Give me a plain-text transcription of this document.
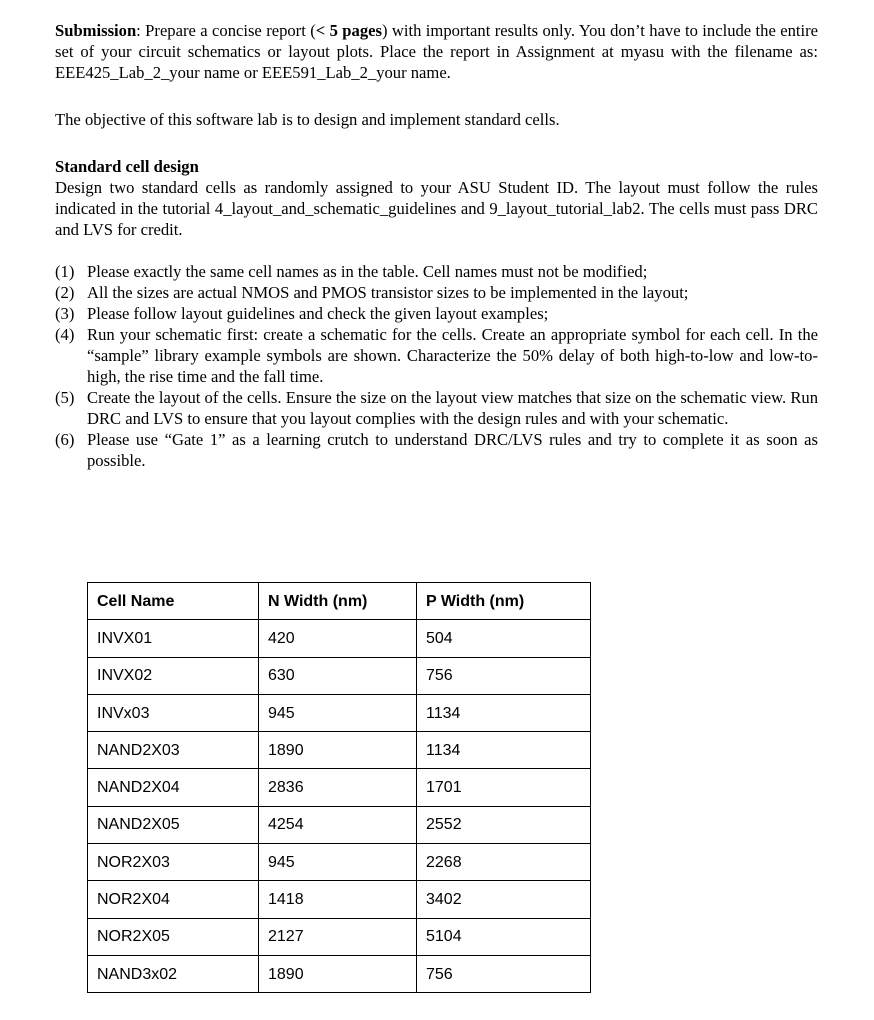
Submission: Prepare a concise report (< 5 pages) with important results only. You don’t have to include the entire set of your circuit schematics or layout plots. Place the report in Assignment at myasu with the filename as: EEE425_Lab_2_your name or EEE591_Lab_2_your name.

The objective of this software lab is to design and implement standard cells.

Standard cell design

Design two standard cells as randomly assigned to your ASU Student ID. The layout must follow the rules indicated in the tutorial 4_layout_and_schematic_guidelines and 9_layout_tutorial_lab2. The cells must pass DRC and LVS for credit.

(1) Please exactly the same cell names as in the table. Cell names must not be modified;
(2) All the sizes are actual NMOS and PMOS transistor sizes to be implemented in the layout;
(3) Please follow layout guidelines and check the given layout examples;
(4) Run your schematic first: create a schematic for the cells. Create an appropriate symbol for each cell. In the “sample” library example symbols are shown. Characterize the 50% delay of both high-to-low and low-to-high, the rise time and the fall time.
(5) Create the layout of the cells. Ensure the size on the layout view matches that size on the schematic view. Run DRC and LVS to ensure that you layout complies with the design rules and with your schematic.
(6) Please use “Gate 1” as a learning crutch to understand DRC/LVS rules and try to complete it as soon as possible.
Cell Name	N Width (nm)	P Width (nm)
INVX01	420	504
INVX02	630	756
INVx03	945	1134
NAND2X03	1890	1134
NAND2X04	2836	1701
NAND2X05	4254	2552
NOR2X03	945	2268
NOR2X04	1418	3402
NOR2X05	2127	5104
NAND3x02	1890	756
